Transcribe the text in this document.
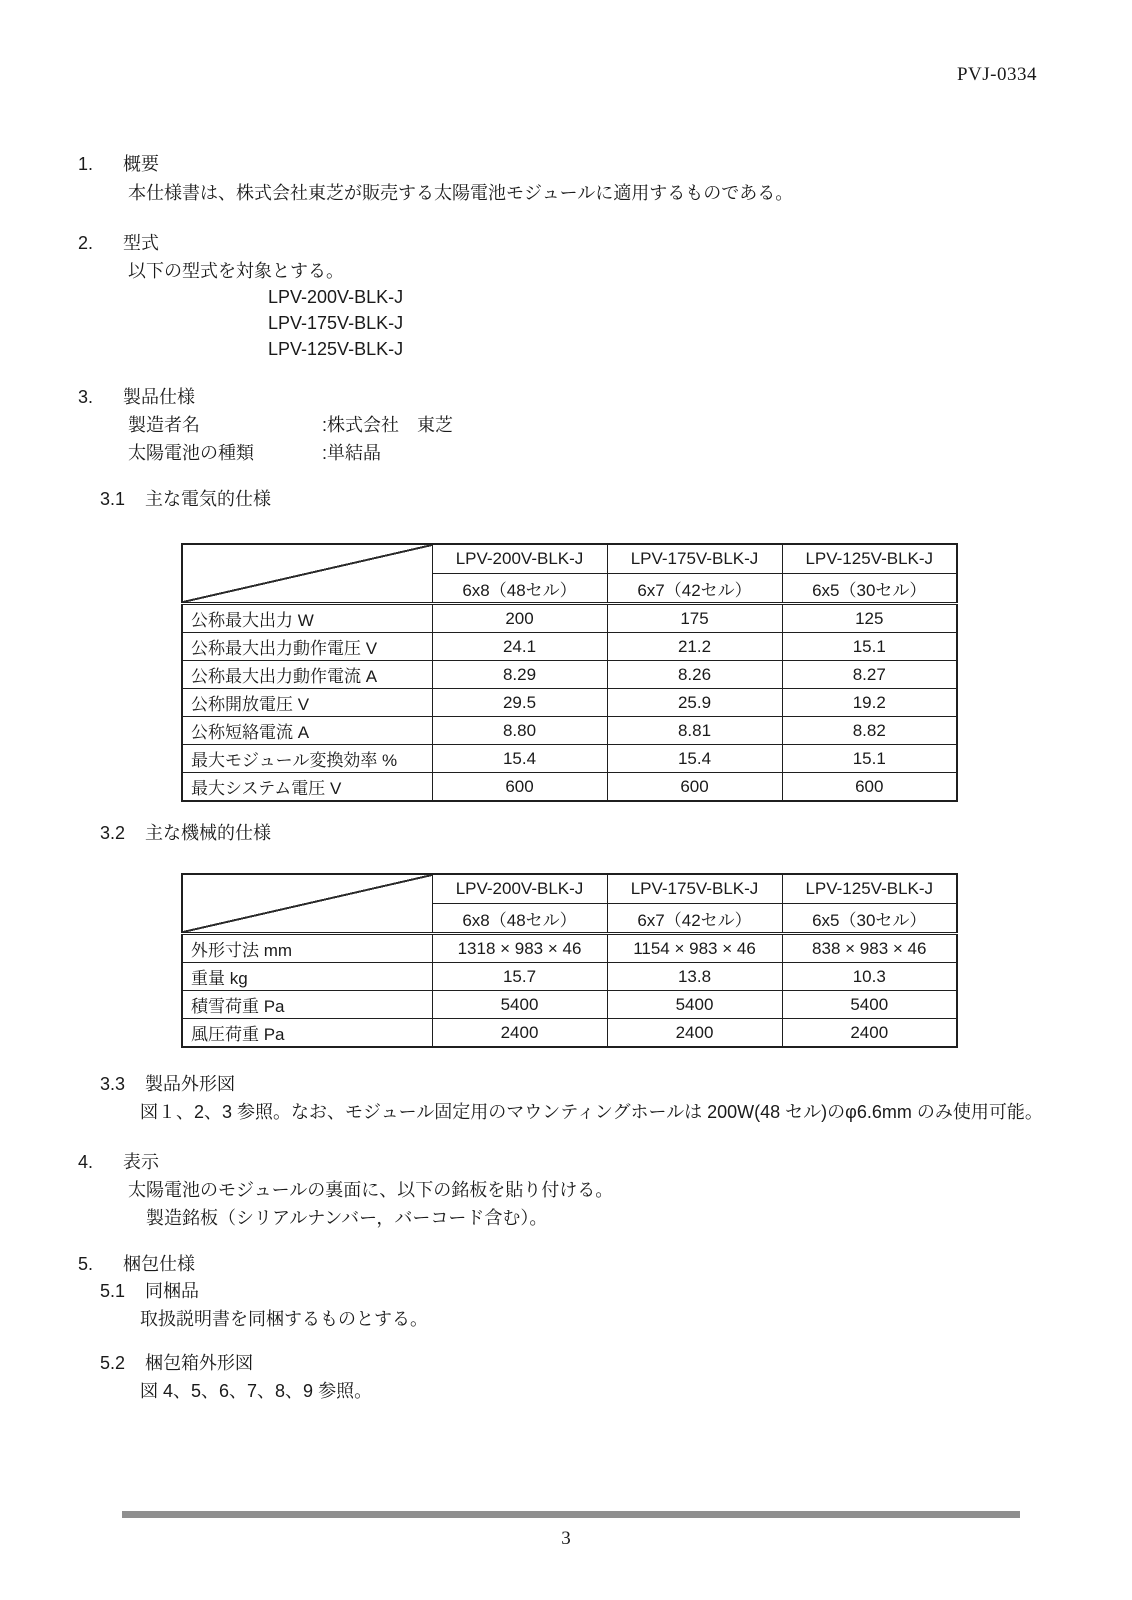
PVJ-0334
1. 概要
本仕様書は、株式会社東芝が販売する太陽電池モジュールに適用するものである。
2. 型式
以下の型式を対象とする。
LPV-200V-BLK-J
LPV-175V-BLK-J
LPV-125V-BLK-J
3. 製品仕様
製造者名	:株式会社　東芝
太陽電池の種類	:単結晶
3.1 主な電気的仕様
	LPV-200V-BLK-J	LPV-175V-BLK-J	LPV-125V-BLK-J
	6x8（48セル）	6x7（42セル）	6x5（30セル）
公称最大出力 W	200	175	125
公称最大出力動作電圧 V	24.1	21.2	15.1
公称最大出力動作電流 A	8.29	8.26	8.27
公称開放電圧 V	29.5	25.9	19.2
公称短絡電流 A	8.80	8.81	8.82
最大モジュール変換効率 %	15.4	15.4	15.1
最大システム電圧 V	600	600	600
3.2 主な機械的仕様
	LPV-200V-BLK-J	LPV-175V-BLK-J	LPV-125V-BLK-J
	6x8（48セル）	6x7（42セル）	6x5（30セル）
外形寸法 mm	1318 × 983 × 46	1154 × 983 × 46	838 × 983 × 46
重量 kg	15.7	13.8	10.3
積雪荷重 Pa	5400	5400	5400
風圧荷重 Pa	2400	2400	2400
3.3 製品外形図
図１、2、3 参照。なお、モジュール固定用のマウンティングホールは 200W(48 セル)のφ6.6mm のみ使用可能。
4. 表示
太陽電池のモジュールの裏面に、以下の銘板を貼り付ける。
製造銘板（シリアルナンバー，バーコード含む）。
5. 梱包仕様
5.1 同梱品
取扱説明書を同梱するものとする。
5.2 梱包箱外形図
図 4、5、6、7、8、9 参照。
3
